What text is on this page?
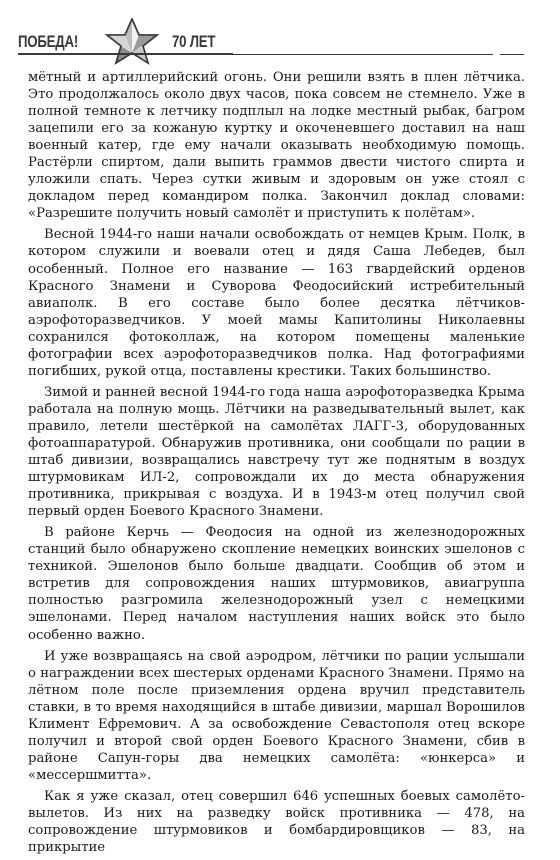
ПОБЕДА!	70 ЛЕТ

мётный и артиллерийский огонь. Они решили взять в плен лётчика. Это продолжалось около двух часов, пока совсем не стемнело. Уже в полной темноте к летчику подплыл на лодке местный рыбак, багром зацепили его за кожаную куртку и окоченевшего доставил на наш военный катер, где ему начали оказывать необходимую помощь. Растёрли спиртом, дали выпить граммов двести чистого спирта и уложили спать. Через сутки живым и здоровым он уже стоял с докладом перед командиром полка. Закончил доклад словами: «Разрешите получить новый самолёт и приступить к полётам».

Весной 1944-го наши начали освобождать от немцев Крым. Полк, в котором служили и воевали отец и дядя Саша Лебедев, был особенный. Полное его название — 163 гвардейский орденов Красного Знамени и Суворова Феодосийский истребительный авиаполк. В его составе было более десятка лётчиков-аэрофоторазведчиков. У моей мамы Капитолины Николаевны сохранился фотоколлаж, на котором помещены маленькие фотографии всех аэрофоторазведчиков полка. Над фотографиями погибших, рукой отца, поставлены крестики. Таких большинство.

Зимой и ранней весной 1944-го года наша аэрофоторазведка Крыма работала на полную мощь. Лётчики на разведывательный вылет, как правило, летели шестёркой на самолётах ЛАГГ-3, оборудованных фотоаппаратурой. Обнаружив противника, они сообщали по рации в штаб дивизии, возвращались навстречу тут же поднятым в воздух штурмовикам ИЛ-2, сопровождали их до места обнаружения противника, прикрывая с воздуха. И в 1943-м отец получил свой первый орден Боевого Красного Знамени.

В районе Керчь — Феодосия на одной из железнодорожных станций было обнаружено скопление немецких воинских эшелонов с техникой. Эшелонов было больше двадцати. Сообщив об этом и встретив для сопровождения наших штурмовиков, авиагруппа полностью разгромила железнодорожный узел с немецкими эшелонами. Перед началом наступления наших войск это было особенно важно.

И уже возвращаясь на свой аэродром, лётчики по рации услышали о награждении всех шестерых орденами Красного Знамени. Прямо на лётном поле после приземления ордена вручил представитель ставки, в то время находящийся в штабе дивизии, маршал Ворошилов Климент Ефремович. А за освобождение Севастополя отец вскоре получил и второй свой орден Боевого Красного Знамени, сбив в районе Сапун-горы два немецких самолёта: «юнкерса» и «мессершмитта».

Как я уже сказал, отец совершил 646 успешных боевых самолёто-вылетов. Из них на разведку войск противника — 478, на сопровождение штурмовиков и бомбардировщиков — 83, на прикрытие
